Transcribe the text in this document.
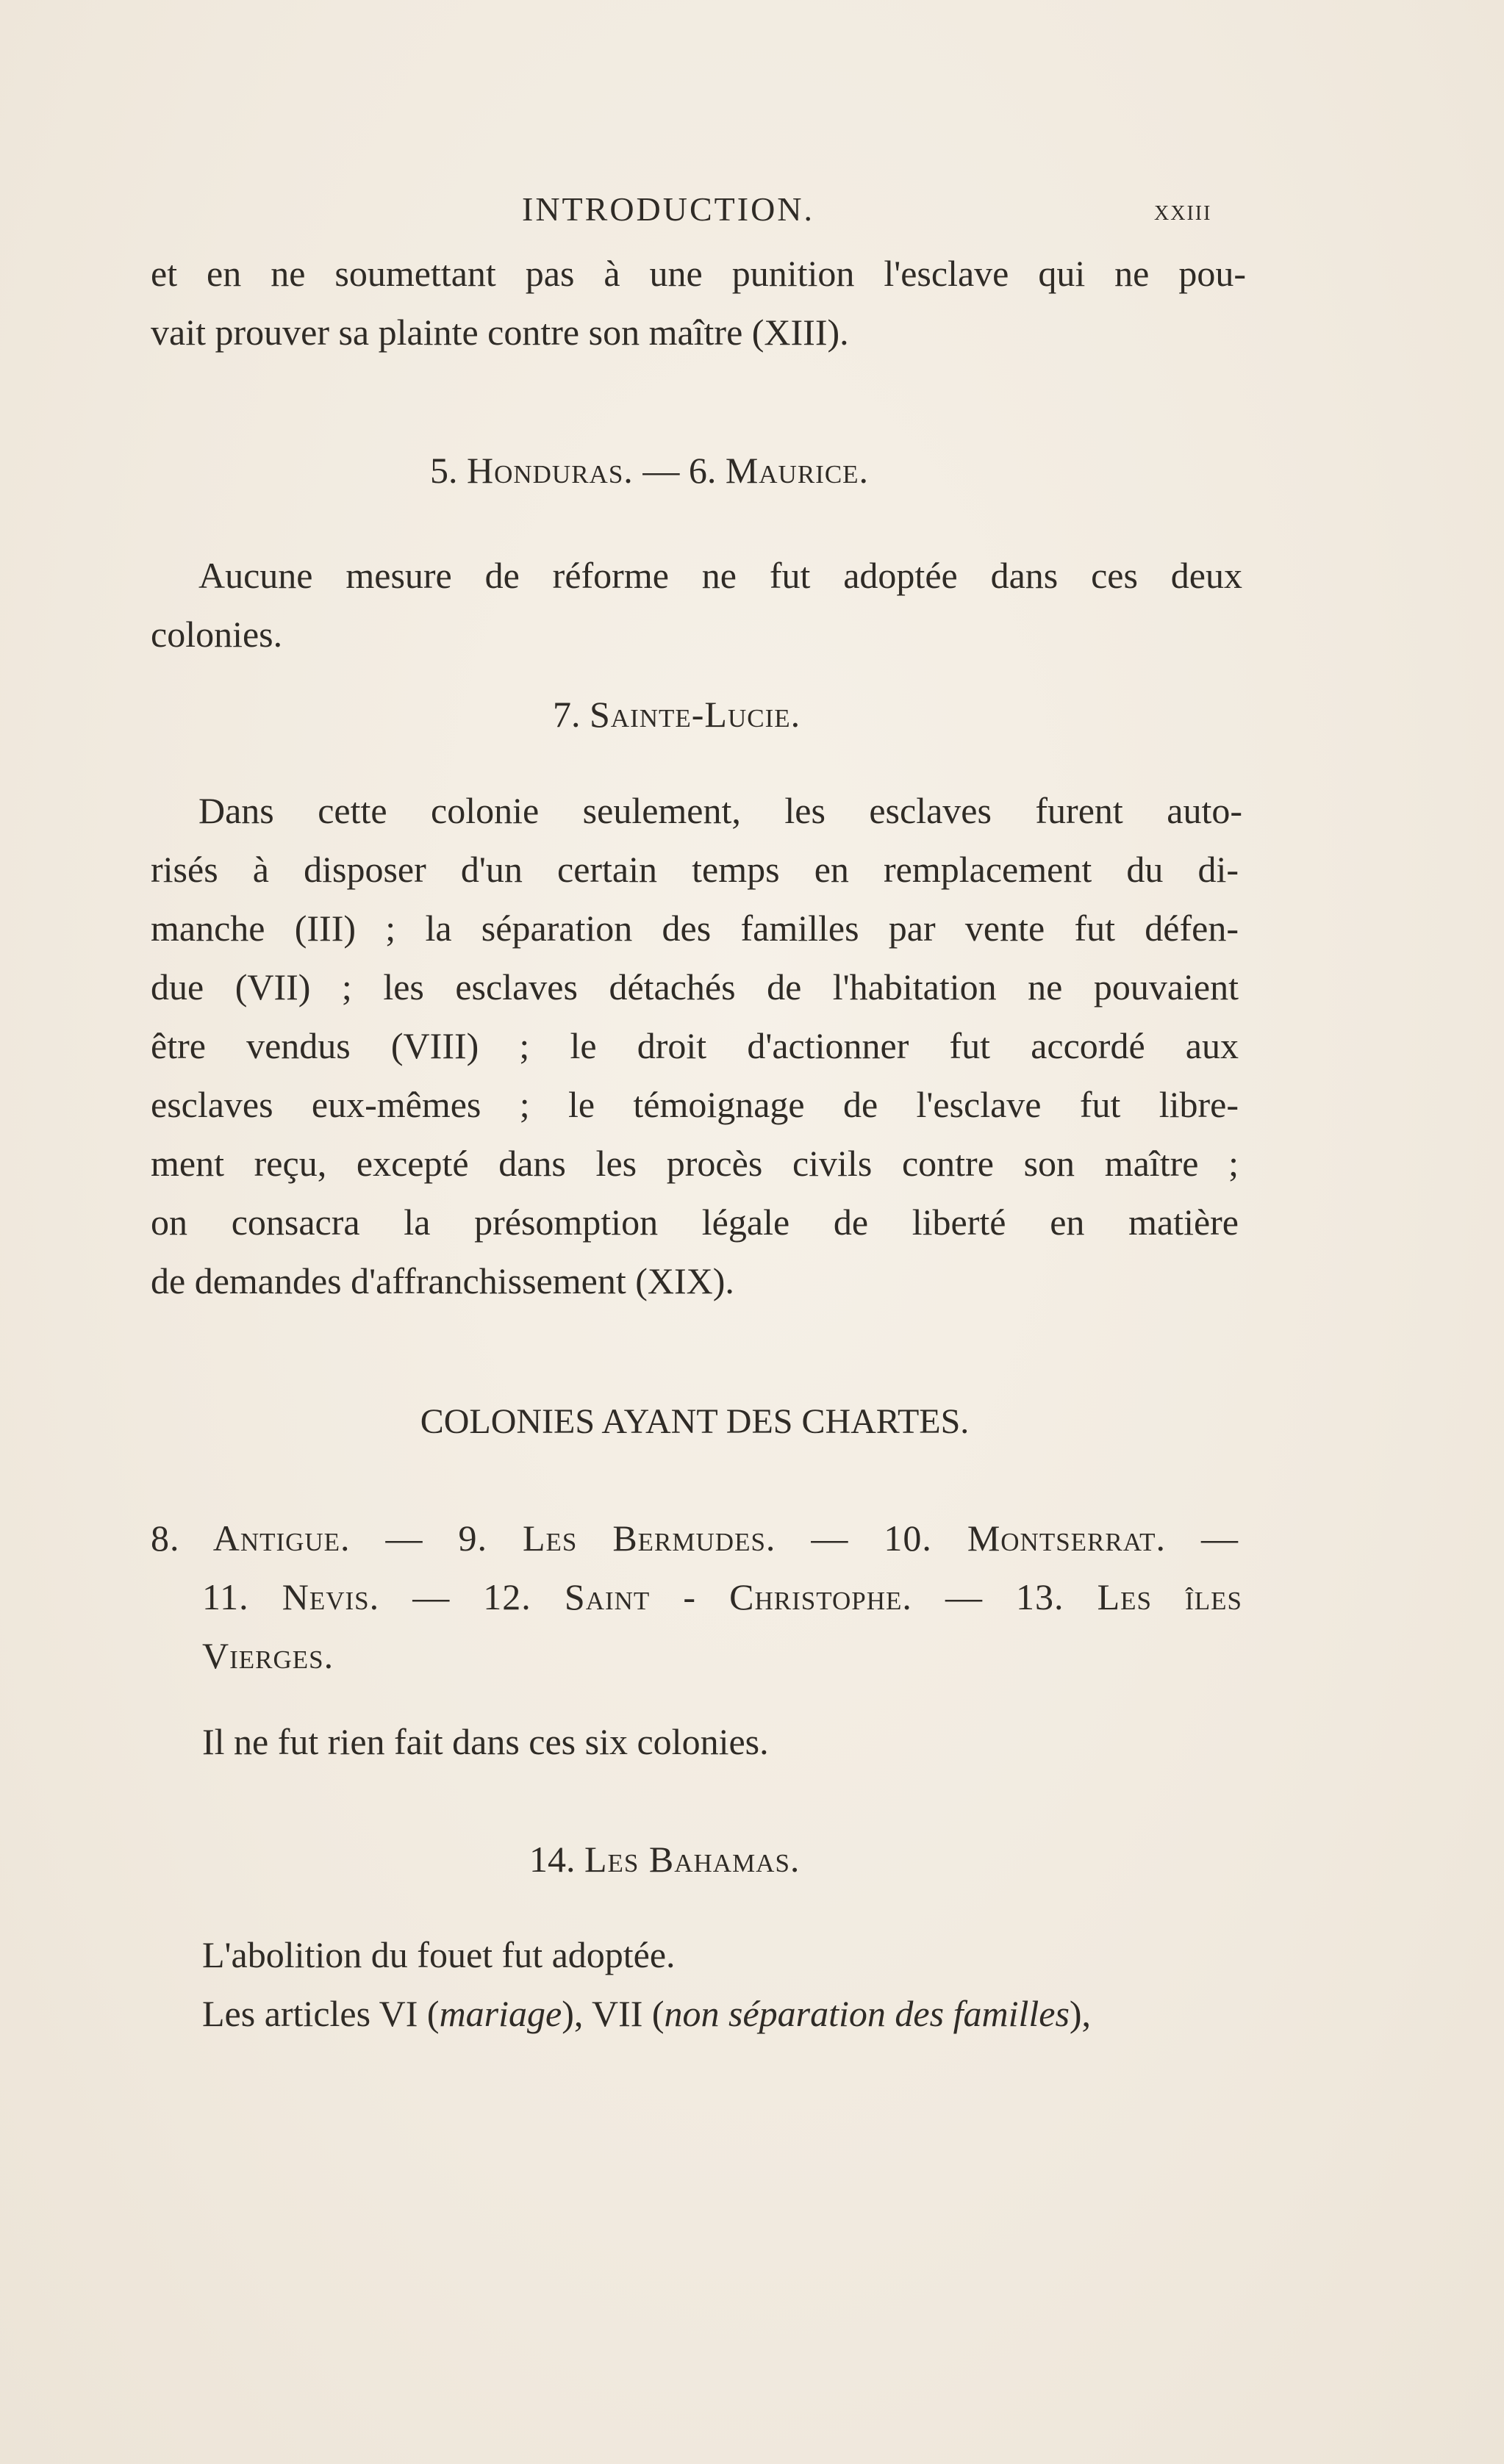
INTRODUCTION.	xxiii
et en ne soumettant pas à une punition l'esclave qui ne pou-
vait prouver sa plainte contre son maître (XIII).
5. Honduras. — 6. Maurice.
Aucune mesure de réforme ne fut adoptée dans ces deux
colonies.
7. Sainte-Lucie.
Dans cette colonie seulement, les esclaves furent auto-
risés à disposer d'un certain temps en remplacement du di-
manche (III) ; la séparation des familles par vente fut défen-
due (VII) ; les esclaves détachés de l'habitation ne pouvaient
être vendus (VIII) ; le droit d'actionner fut accordé aux
esclaves eux-mêmes ; le témoignage de l'esclave fut libre-
ment reçu, excepté dans les procès civils contre son maître ;
on consacra la présomption légale de liberté en matière
de demandes d'affranchissement (XIX).
COLONIES AYANT DES CHARTES.
8. Antigue. — 9. Les Bermudes. — 10. Montserrat. —
11. Nevis. — 12. Saint - Christophe. — 13. Les îles
Vierges.
Il ne fut rien fait dans ces six colonies.
14. Les Bahamas.
L'abolition du fouet fut adoptée.
Les articles VI (mariage), VII (non séparation des familles),
